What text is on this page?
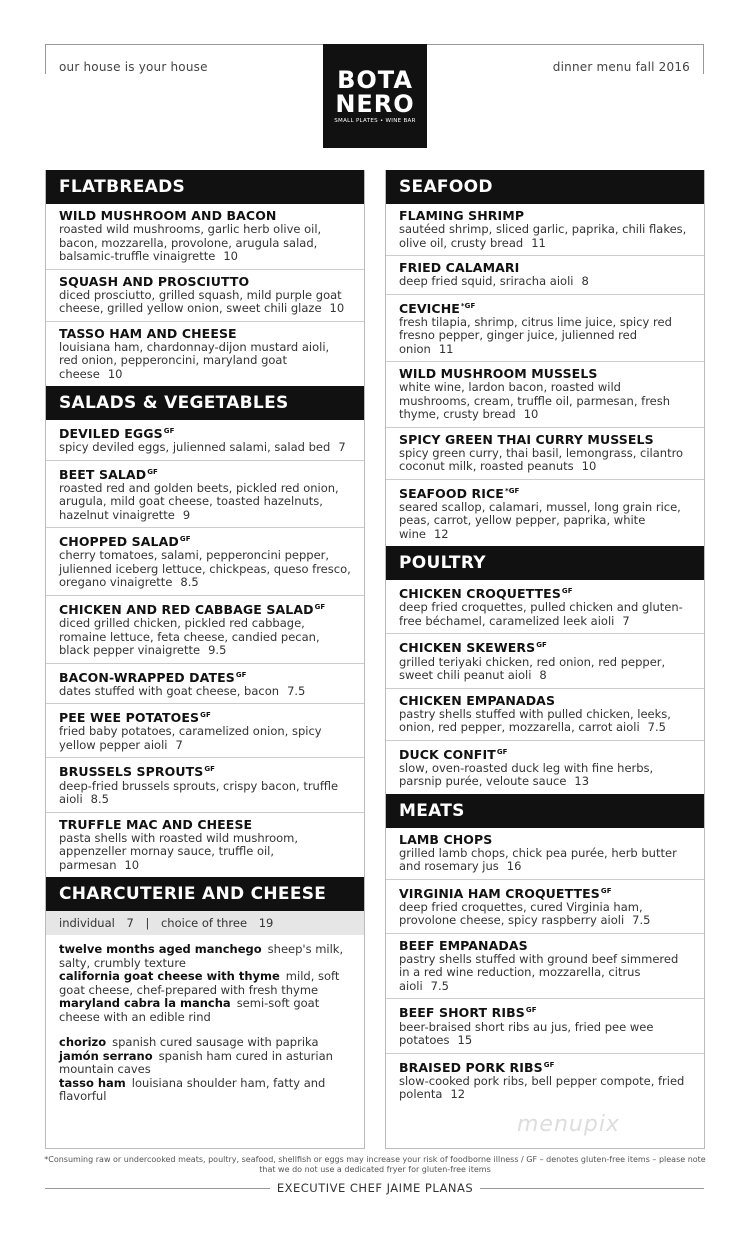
our house is your house	dinner menu fall 2016
BOTA
NERO
SMALL PLATES • WINE BAR
FLATBREADS
WILD MUSHROOM AND BACON
roasted wild mushrooms, garlic herb olive oil, bacon, mozzarella, provolone, arugula salad, balsamic-truffle vinaigrette 10
SQUASH AND PROSCIUTTO
diced prosciutto, grilled squash, mild purple goat cheese, grilled yellow onion, sweet chili glaze 10
TASSO HAM AND CHEESE
louisiana ham, chardonnay-dijon mustard aioli, red onion, pepperoncini, maryland goat cheese 10
SALADS & VEGETABLES
DEVILED $EGGS^{GF}$
spicy deviled eggs, julienned salami, salad bed 7
BEET $SALAD^{GF}$
roasted red and golden beets, pickled red onion, arugula, mild goat cheese, toasted hazelnuts, hazelnut vinaigrette 9
CHOPPED $SALAD^{GF}$
cherry tomatoes, salami, pepperoncini pepper, julienned iceberg lettuce, chickpeas, queso fresco, oregano vinaigrette 8.5
CHICKEN AND RED CABBAGE $SALAD^{GF}$
diced grilled chicken, pickled red cabbage, romaine lettuce, feta cheese, candied pecan, black pepper vinaigrette 9.5
BACON-WRAPPED $DATES^{GF}$
dates stuffed with goat cheese, bacon 7.5
PEE WEE $POTATOES^{GF}$
fried baby potatoes, caramelized onion, spicy yellow pepper aioli 7
BRUSSELS $SPROUTS^{GF}$
deep-fried brussels sprouts, crispy bacon, truffle aioli 8.5
TRUFFLE MAC AND CHEESE
pasta shells with roasted wild mushroom, appenzeller mornay sauce, truffle oil, parmesan 10
CHARCUTERIE AND CHEESE
individual 7 | choice of three 19
twelve months aged manchego sheep's milk, salty, crumbly texture
california goat cheese with thyme mild, soft goat cheese, chef-prepared with fresh thyme
maryland cabra la mancha semi-soft goat cheese with an edible rind
chorizo spanish cured sausage with paprika
jamón serrano spanish ham cured in asturian mountain caves
tasso ham louisiana shoulder ham, fatty and flavorful
SEAFOOD
FLAMING SHRIMP
sautéed shrimp, sliced garlic, paprika, chili flakes, olive oil, crusty bread 11
FRIED CALAMARI
deep fried squid, sriracha aioli 8
$CEVICHE^{*GF}$
fresh tilapia, shrimp, citrus lime juice, spicy red fresno pepper, ginger juice, julienned red onion 11
WILD MUSHROOM MUSSELS
white wine, lardon bacon, roasted wild mushrooms, cream, truffle oil, parmesan, fresh thyme, crusty bread 10
SPICY GREEN THAI CURRY MUSSELS
spicy green curry, thai basil, lemongrass, cilantro coconut milk, roasted peanuts 10
SEAFOOD $RICE^{*GF}$
seared scallop, calamari, mussel, long grain rice, peas, carrot, yellow pepper, paprika, white wine 12
POULTRY
CHICKEN $CROQUETTES^{GF}$
deep fried croquettes, pulled chicken and gluten-free béchamel, caramelized leek aioli 7
CHICKEN $SKEWERS^{GF}$
grilled teriyaki chicken, red onion, red pepper, sweet chili peanut aioli 8
CHICKEN EMPANADAS
pastry shells stuffed with pulled chicken, leeks, onion, red pepper, mozzarella, carrot aioli 7.5
DUCK $CONFIT^{GF}$
slow, oven-roasted duck leg with fine herbs, parsnip purée, veloute sauce 13
MEATS
LAMB CHOPS
grilled lamb chops, chick pea purée, herb butter and rosemary jus 16
VIRGINIA HAM $CROQUETTES^{GF}$
deep fried croquettes, cured Virginia ham, provolone cheese, spicy raspberry aioli 7.5
BEEF EMPANADAS
pastry shells stuffed with ground beef simmered in a red wine reduction, mozzarella, citrus aioli 7.5
BEEF SHORT $RIBS^{GF}$
beer-braised short ribs au jus, fried pee wee potatoes 15
BRAISED PORK $RIBS^{GF}$
slow-cooked pork ribs, bell pepper compote, fried polenta 12
menupix
*Consuming raw or undercooked meats, poultry, seafood, shellfish or eggs may increase your risk of foodborne illness / GF – denotes gluten-free items – please note that we do not use a dedicated fryer for gluten-free items
EXECUTIVE CHEF JAIME PLANAS
